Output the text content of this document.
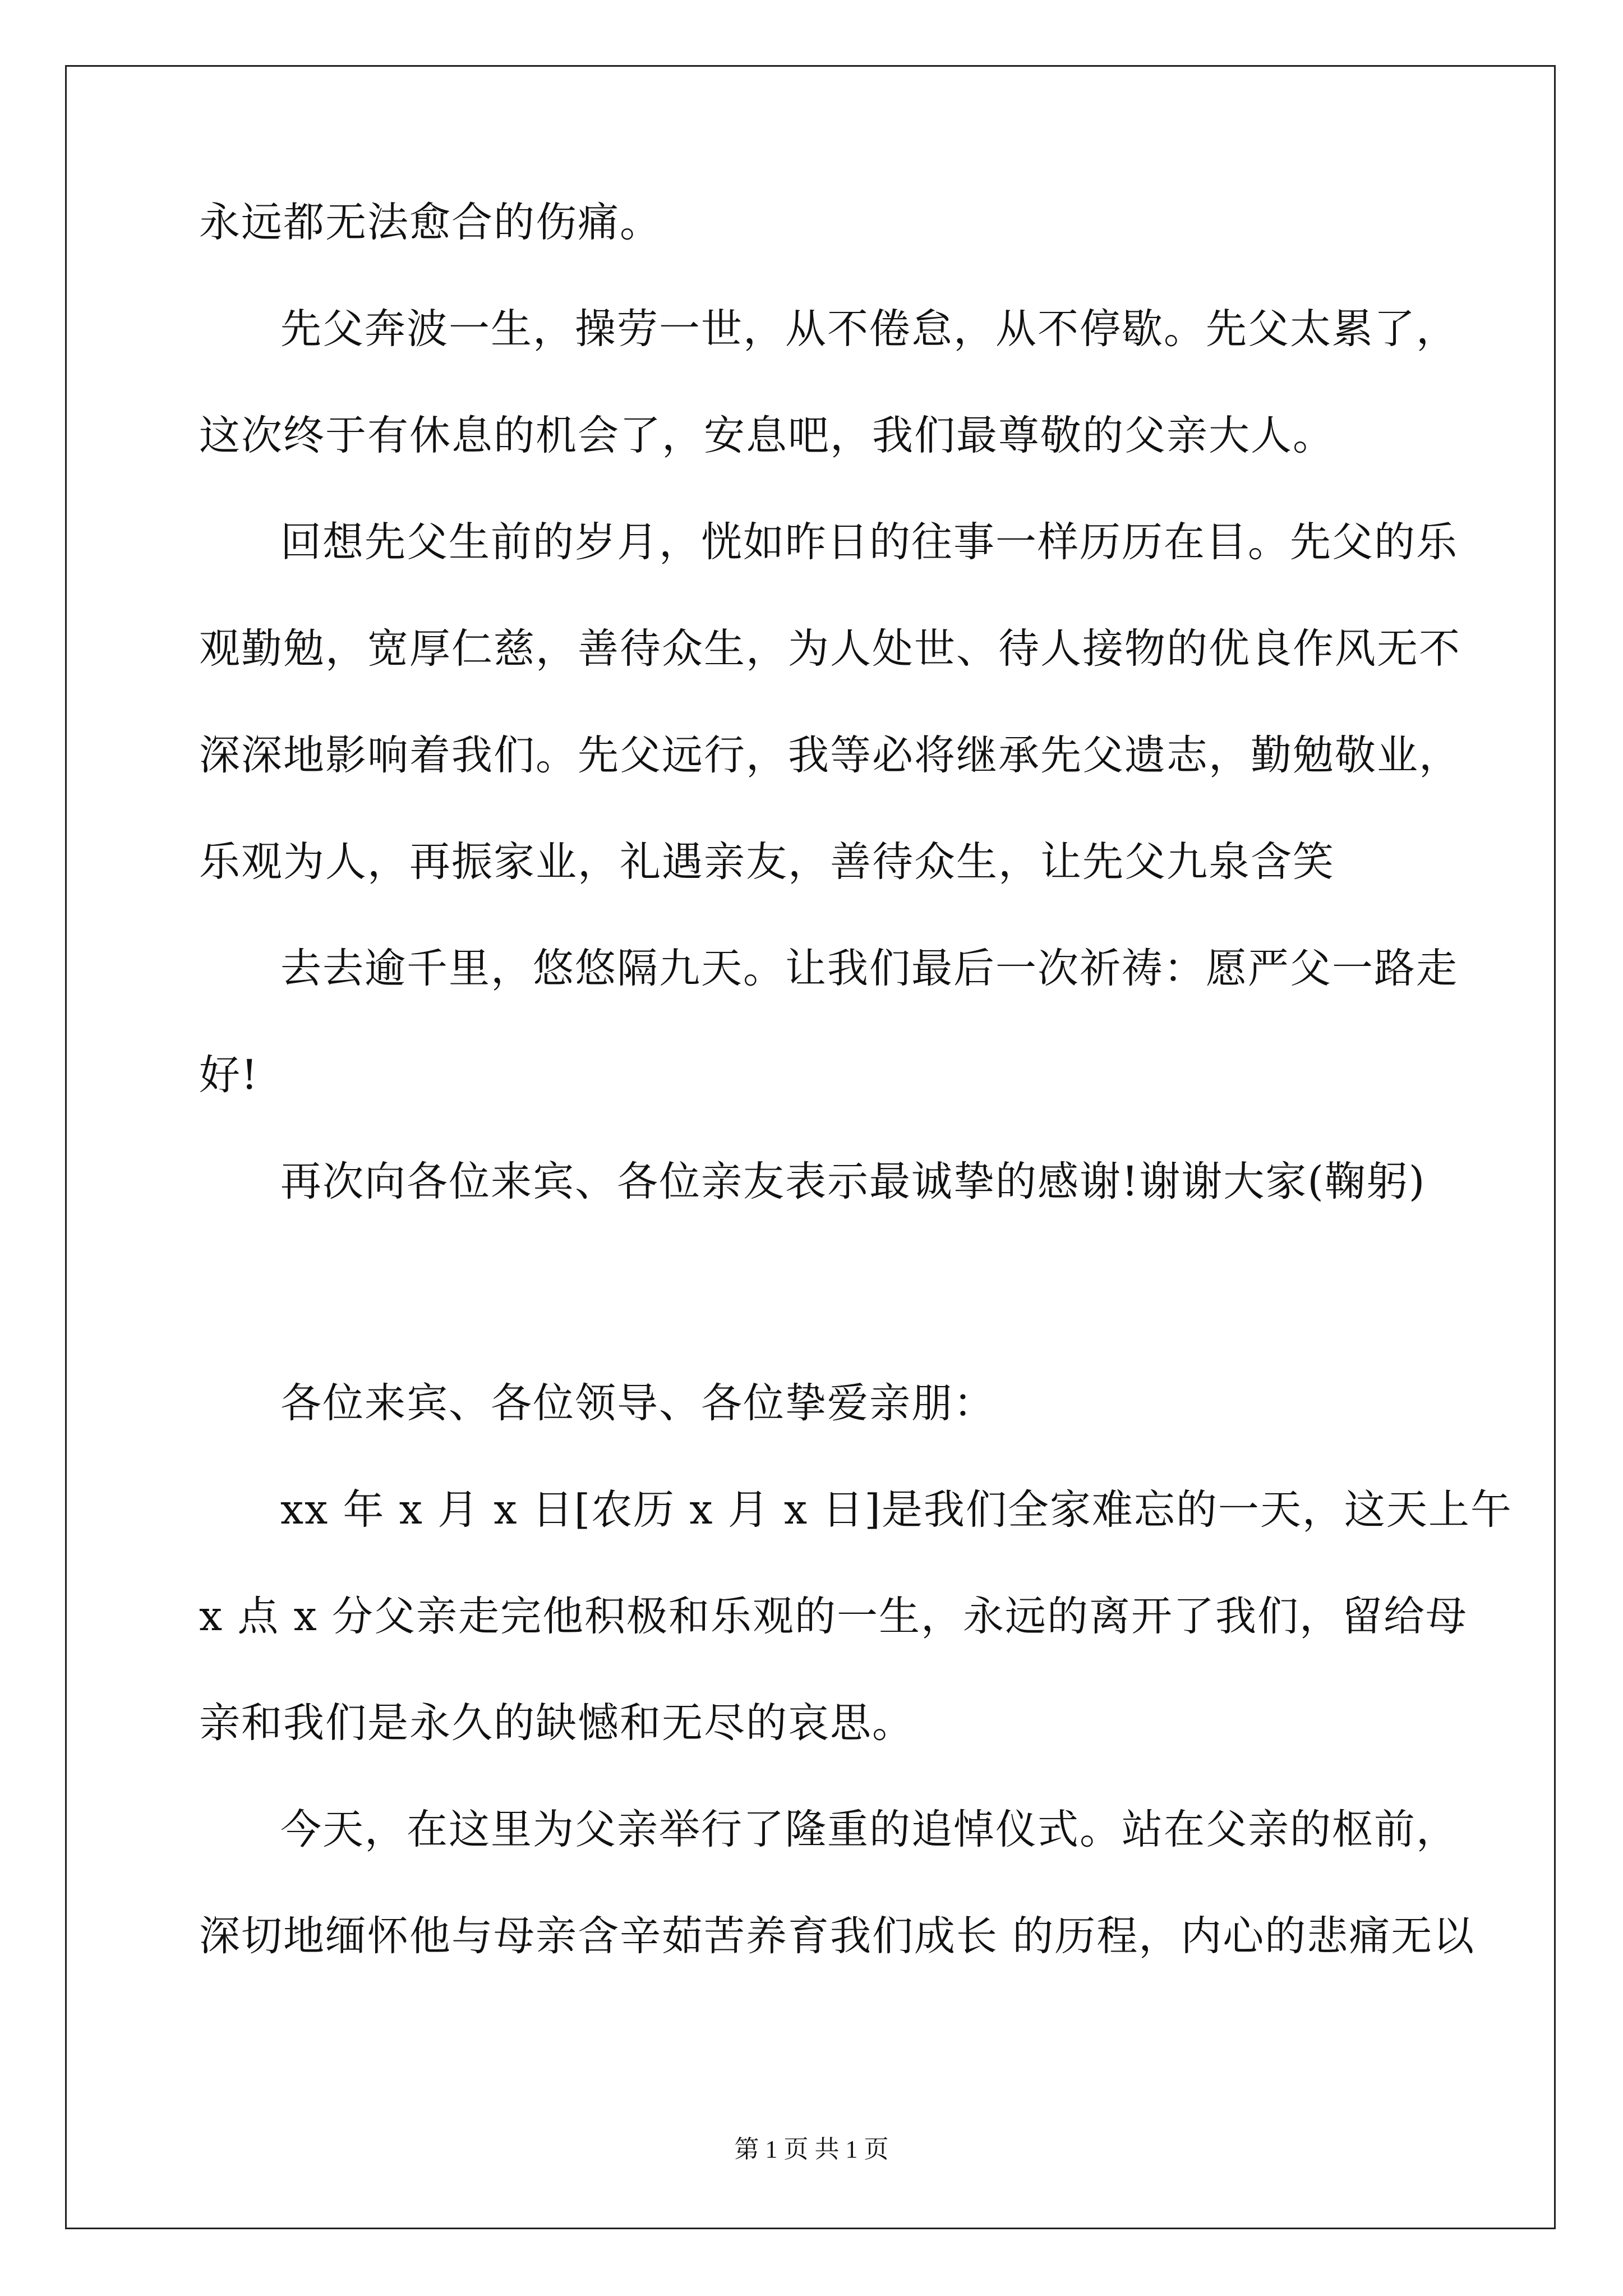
永远都无法愈合的伤痛。

先父奔波一生，操劳一世，从不倦怠，从不停歇。先父太累了，

这次终于有休息的机会了，安息吧，我们最尊敬的父亲大人。

回想先父生前的岁月，恍如昨日的往事一样历历在目。先父的乐

观勤勉，宽厚仁慈，善待众生，为人处世、待人接物的优良作风无不

深深地影响着我们。先父远行，我等必将继承先父遗志，勤勉敬业，

乐观为人，再振家业，礼遇亲友，善待众生，让先父九泉含笑

去去逾千里，悠悠隔九天。让我们最后一次祈祷：愿严父一路走

好!

再次向各位来宾、各位亲友表示最诚挚的感谢!谢谢大家(鞠躬)

各位来宾、各位领导、各位挚爱亲朋：

xx 年 x 月 x 日[农历 x 月 x 日]是我们全家难忘的一天，这天上午

x 点 x 分父亲走完他积极和乐观的一生，永远的离开了我们，留给母

亲和我们是永久的缺憾和无尽的哀思。

今天，在这里为父亲举行了隆重的追悼仪式。站在父亲的枢前，

深切地缅怀他与母亲含辛茹苦养育我们成长 的历程，内心的悲痛无以

第 1 页 共 1 页
